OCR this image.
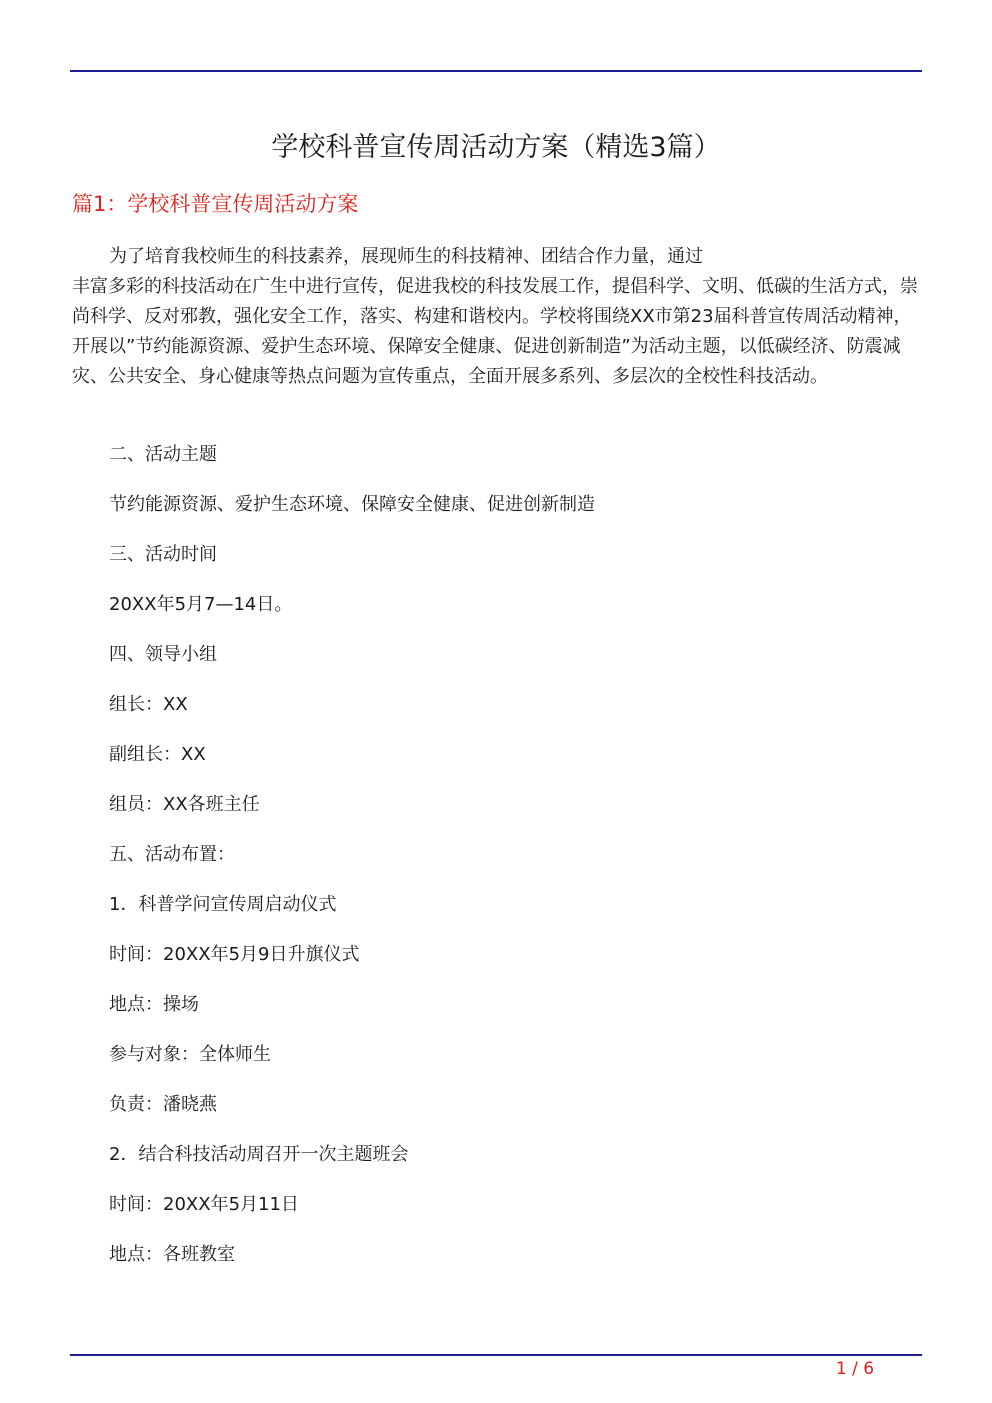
学校科普宣传周活动方案（精选3篇）
篇1：学校科普宣传周活动方案

为了培育我校师生的科技素养，展现师生的科技精神、团结合作力量，通过
丰富多彩的科技活动在广生中进行宣传，促进我校的科技发展工作，提倡科学、文明、低碳的生活方式，崇尚科学、反对邪教，强化安全工作，落实、构建和谐校内。学校将围绕XX市第23届科普宣传周活动精神，开展以”节约能源资源、爱护生态环境、保障安全健康、促进创新制造”为活动主题，以低碳经济、防震减灾、公共安全、身心健康等热点问题为宣传重点，全面开展多系列、多层次的全校性科技活动。

二、活动主题
节约能源资源、爱护生态环境、保障安全健康、促进创新制造
三、活动时间
20XX年5月7—14日。
四、领导小组
组长：XX
副组长：XX
组员：XX各班主任
五、活动布置：
1．科普学问宣传周启动仪式
时间：20XX年5月9日升旗仪式
地点：操场
参与对象：全体师生
负责：潘晓燕
2．结合科技活动周召开一次主题班会
时间：20XX年5月11日
地点：各班教室
1 / 6
